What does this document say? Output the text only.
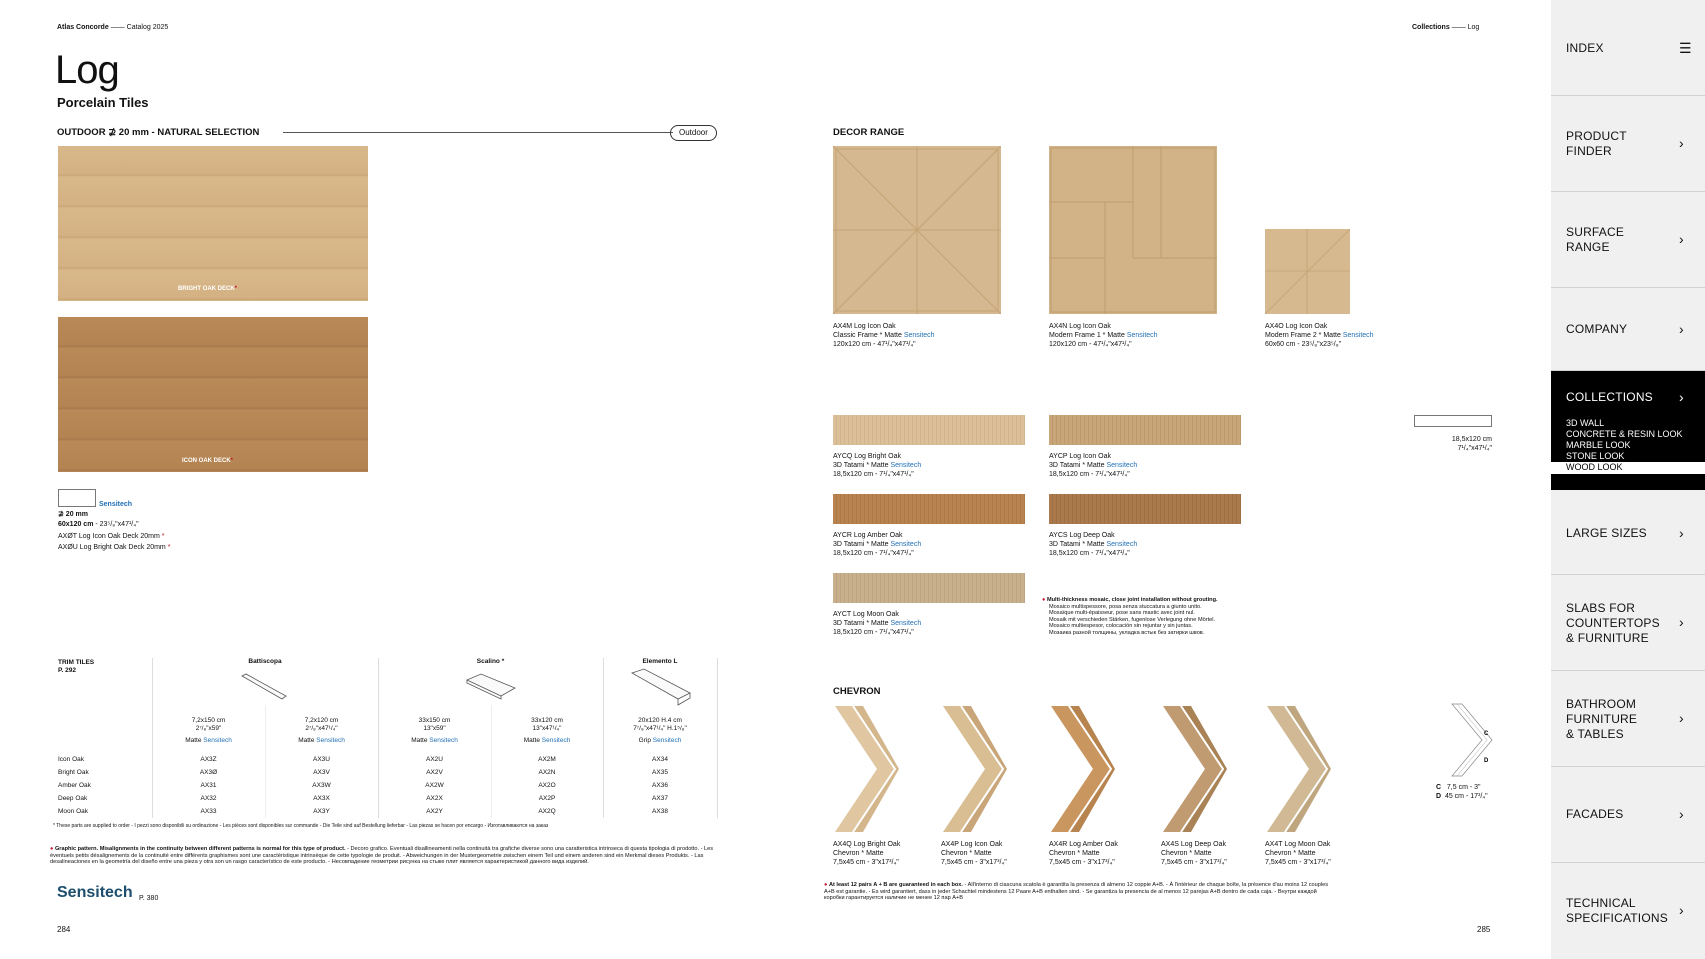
Atlas Concorde —— Catalog 2025
Log
Porcelain Tiles
OUTDOOR ⊉ 20 mm - NATURAL SELECTION	Outdoor
BRIGHT OAK DECK*
ICON OAK DECK*
Sensitech
⊉ 20 mm
60x120 cm - 23⁵/₈"x47¹/₄"
AXØT Log Icon Oak Deck 20mm *
AXØU Log Bright Oak Deck 20mm *
TRIM TILES
P. 292
Battiscopa	Scalino *	Elemento L
7,2x150 cm
2⁷/₈"x59"
Matte Sensitech
7,2x120 cm
2⁷/₈"x47¹/₄"
Matte Sensitech
33x150 cm
13"x59"
Matte Sensitech
33x120 cm
13"x47¹/₄"
Matte Sensitech
20x120 H.4 cm
7⁷/₈"x47¹/₄" H.1⁵/₈"
Grip Sensitech
Icon Oak	AX3Z	AX3U	AX2U	AX2M	AX34
Bright Oak	AX3Ø	AX3V	AX2V	AX2N	AX35
Amber Oak	AX31	AX3W	AX2W	AX2O	AX36
Deep Oak	AX32	AX3X	AX2X	AX2P	AX37
Moon Oak	AX33	AX3Y	AX2Y	AX2Q	AX38
* These parts are supplied to order - I pezzi sono disponibili su ordinazione - Les pièces sont disponibles sur commande - Die Teile sind auf Bestellung lieferbar - Las piezas se hacen por encargo - Изготавливаются на заказ
● Graphic pattern. Misalignments in the continuity between different patterns is normal for this type of product. - Decoro grafico. Eventuali disallineamenti nella continuità tra grafiche diverse sono una caratteristica intrinseca di questa tipologia di prodotto. - Les éventuels petits désalignements de la continuité entre différents graphismes sont une caractéristique intrinsèque de cette typologie de produit. - Abweichungen in der Mustergeometrie zwischen einem Teil und einem anderen sind ein Merkmal dieses Produkts. - Las desalineaciones en la geometría del diseño entre una pieza y otra son un rasgo característico de este producto. - Несовпадение геометрии рисунка на стыке плит является характеристикой данного вида изделий.
Sensitech P. 380
284
Collections —— Log
DECOR RANGE
AX4M Log Icon Oak
Classic Frame * Matte Sensitech
120x120 cm - 47¹/₄"x47¹/₄"
AX4N Log Icon Oak
Modern Frame 1 * Matte Sensitech
120x120 cm - 47¹/₄"x47¹/₄"
AX4O Log Icon Oak
Modern Frame 2 * Matte Sensitech
60x60 cm - 23⁵/₈"x23⁵/₈"
AYCQ Log Bright Oak
3D Tatami * Matte Sensitech
18,5x120 cm - 7¹/₄"x47¹/₄"
AYCP Log Icon Oak
3D Tatami * Matte Sensitech
18,5x120 cm - 7¹/₄"x47¹/₄"
AYCR Log Amber Oak
3D Tatami * Matte Sensitech
18,5x120 cm - 7¹/₄"x47¹/₄"
AYCS Log Deep Oak
3D Tatami * Matte Sensitech
18,5x120 cm - 7¹/₄"x47¹/₄"
AYCT Log Moon Oak
3D Tatami * Matte Sensitech
18,5x120 cm - 7¹/₄"x47¹/₄"
18,5x120 cm
7¹/₄"x47¹/₄"
● Multi-thickness mosaic, close joint installation without grouting.
Mosaico multispessore, posa senza stuccatura a giunto unito.
Mosaïque multi-épaisseur, pose sans mastic avec joint nul.
Mosaik mit verschieden Stärken, fugenlose Verlegung ohne Mörtel.
Mosaico multiespesor, colocación sin rejuntar y sin juntas.
Мозаика разной толщины, укладка встык без затирки швов.
CHEVRON
AX4Q Log Bright Oak
Chevron * Matte
7,5x45 cm - 3"x17³/₄"
AX4P Log Icon Oak
Chevron * Matte
7,5x45 cm - 3"x17³/₄"
AX4R Log Amber Oak
Chevron * Matte
7,5x45 cm - 3"x17³/₄"
AX4S Log Deep Oak
Chevron * Matte
7,5x45 cm - 3"x17³/₄"
AX4T Log Moon Oak
Chevron * Matte
7,5x45 cm - 3"x17³/₄"
C
D
C 7,5 cm - 3"
D 45 cm - 17³/₄"
● At least 12 pairs A + B are guaranteed in each box. - All'interno di ciascuna scatola è garantita la presenza di almeno 12 coppie A+B. - À l'intérieur de chaque boîte, la présence d'au moins 12 couples A+B est garantie. - Es wird garantiert, dass in jeder Schachtel mindestens 12 Paare A+B enthalten sind. - Se garantiza la presencia de al menos 12 parejas A+B dentro de cada caja. - Внутри каждой коробки гарантируется наличие не менее 12 пар А+В
285
INDEX	☰
PRODUCT
FINDER	›
SURFACE
RANGE	›
COMPANY	›
COLLECTIONS ›
3D WALL
CONCRETE & RESIN LOOK
MARBLE LOOK
STONE LOOK
WOOD LOOK
LARGE SIZES ›
SLABS FOR
COUNTERTOPS
& FURNITURE
›
BATHROOM
FURNITURE
& TABLES
›
FACADES	›
TECHNICAL
SPECIFICATIONS ›
